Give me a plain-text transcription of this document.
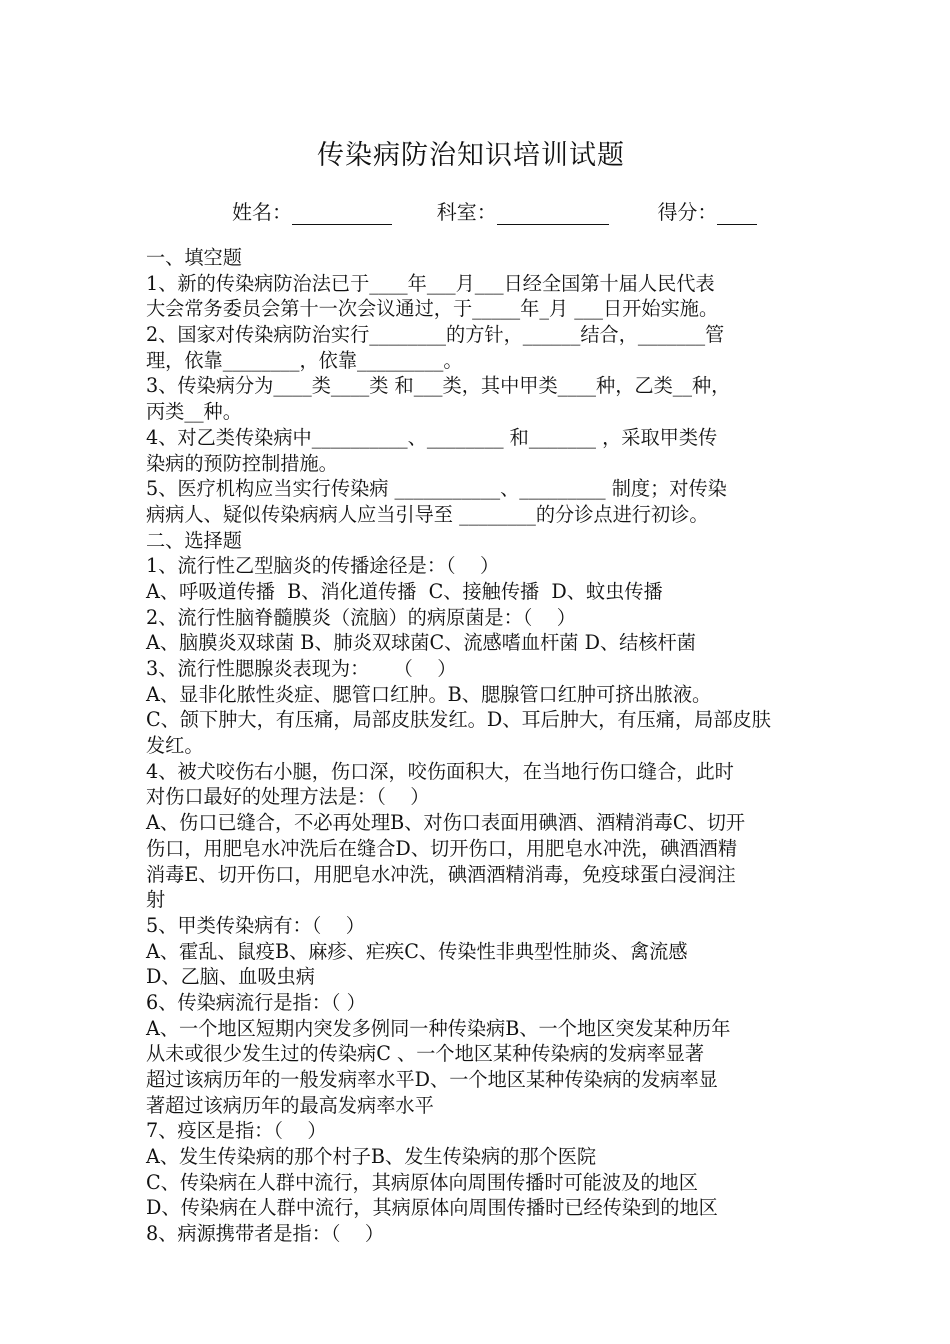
传染病防治知识培训试题
姓名：	科室：	得分：
一、填空题
1、新的传染病防治法已于____年___月___日经全国第十届人民代表
大会常务委员会第十一次会议通过，于_____年_月 ___日开始实施。
2、国家对传染病防治实行________的方针，______结合，_______管
理，依靠________，依靠_________。
3、传染病分为____类____类 和___类，其中甲类____种，乙类__种，
丙类__种。
4、对乙类传染病中__________、________ 和_______ ，采取甲类传
染病的预防控制措施。
5、医疗机构应当实行传染病 ___________、_________ 制度；对传染
病病人、疑似传染病病人应当引导至 ________的分诊点进行初诊。
二、选择题
1、流行性乙型脑炎的传播途径是：（    ）
A、呼吸道传播  B、消化道传播  C、接触传播  D、蚊虫传播
2、流行性脑脊髓膜炎（流脑）的病原菌是：（    ）
A、脑膜炎双球菌 B、肺炎双球菌C、流感嗜血杆菌 D、结核杆菌
3、流行性腮腺炎表现为：    （    ）
A、显非化脓性炎症、腮管口红肿。B、腮腺管口红肿可挤出脓液。
C、颌下肿大，有压痛，局部皮肤发红。D、耳后肿大，有压痛，局部皮肤
发红。
4、被犬咬伤右小腿，伤口深，咬伤面积大，在当地行伤口缝合，此时
对伤口最好的处理方法是：（    ）
A、伤口已缝合，不必再处理B、对伤口表面用碘酒、酒精消毒C、切开
伤口，用肥皂水冲洗后在缝合D、切开伤口，用肥皂水冲洗，碘酒酒精
消毒E、切开伤口，用肥皂水冲洗，碘酒酒精消毒，免疫球蛋白浸润注
射
5、甲类传染病有：（    ）
A、霍乱、鼠疫B、麻疹、疟疾C、传染性非典型性肺炎、禽流感
D、乙脑、血吸虫病
6、传染病流行是指：（ ）
A、一个地区短期内突发多例同一种传染病B、一个地区突发某种历年
从未或很少发生过的传染病C 、一个地区某种传染病的发病率显著
超过该病历年的一般发病率水平D、一个地区某种传染病的发病率显
著超过该病历年的最高发病率水平
7、疫区是指：（    ）
A、发生传染病的那个村子B、发生传染病的那个医院
C、传染病在人群中流行，其病原体向周围传播时可能波及的地区
D、传染病在人群中流行，其病原体向周围传播时已经传染到的地区
8、病源携带者是指：（    ）
